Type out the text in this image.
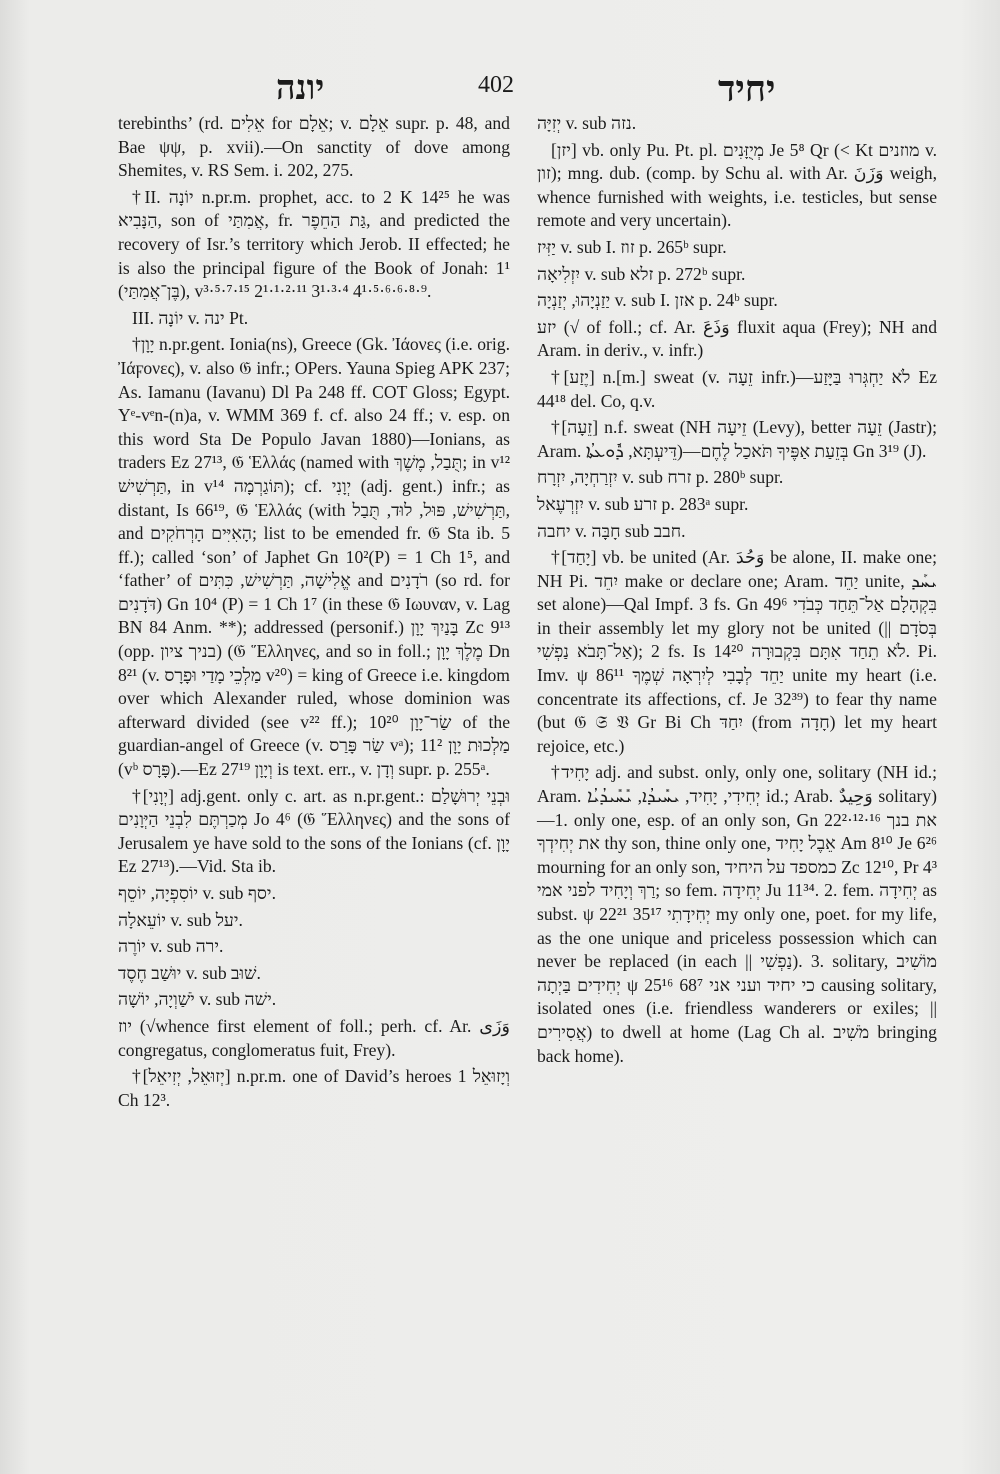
יונה	402	יחיד

terebinths’ (rd. אֵלִים for אֵלָם; v. אֵלָם supr. p. 48, and Bae ψψ, p. xvii).—On sanctity of dove among Shemites, v. RS Sem. i. 202, 275.

†II. יוֹנָה n.pr.m. prophet, acc. to 2 K 14²⁵ he was הַנָּבִיא, son of אֲמִתַּי, fr. גַּת הַחֵפֶר, and predicted the recovery of Isr.’s territory which Jerob. II effected; he is also the principal figure of the Book of Jonah: 1¹ (בֶּן־אֲמִתַּי), v³·⁵·⁷·¹⁵ 2¹·¹·²·¹¹ 3¹·³·⁴ 4¹·⁵·⁶·⁶·⁸·⁹.

III. יוֹנָה v. ינה Pt.

†יָוָן n.pr.gent. Ionia(ns), Greece (Gk. Ἰάονες (i.e. orig. Ἰάϝονες), v. also 𝔊 infr.; OPers. Yauna Spieg APK 237; As. Iamanu (Iavanu) Dl Pa 248 ff. COT Gloss; Egypt. Yᵉ-vᵉn-(n)a, v. WMM 369 f. cf. also 24 ff.; v. esp. on this word Sta De Populo Javan 1880)—Ionians, as traders Ez 27¹³, 𝔊 Ἑλλάς (named with תֻּבַל, מֶשֶׁךְ; in v¹² תַּרְשִׁישׁ, in v¹⁴ תּוֹגַרְמָה); cf. יְוָנִי (adj. gent.) infr.; as distant, Is 66¹⁹, 𝔊 Ἑλλάς (with תַּרְשִׁישׁ, פּוּל, לוּד, תֻּבַל, and הָאִיִּים הָרְחֹקִים; list to be emended fr. 𝔊 Sta ib. 5 ff.); called ‘son’ of Japhet Gn 10²(P) = 1 Ch 1⁵, and ‘father’ of אֱלִישָׁה, תַּרְשִׁישׁ, כִּתִּים and רֹדָנִים (so rd. for דֹּדָנִים) Gn 10⁴ (P) = 1 Ch 1⁷ (in these 𝔊 Ιωυναν, v. Lag BN 84 Anm. **); addressed (personif.) בָּנַיִךְ יָוָן Zc 9¹³ (opp. בניך ציון) (𝔊 Ἕλληνες, and so in foll.; מֶלֶךְ יָוָן Dn 8²¹ (v. מַלְכֵי מָדַי וּפָרָס v²⁰) = king of Greece i.e. kingdom over which Alexander ruled, whose dominion was afterward divided (see v²² ff.); שַׂר־יָוָן 10²⁰ of the guardian-angel of Greece (v. שַׂר פָּרַס vᵃ); מַלְכוּת יָוָן 11² (vᵇ פָּרָס).—Ez 27¹⁹ וְיָוָן is text. err., v. וְדָן supr. p. 255ᵃ.

†[יְוָנִי] adj.gent. only c. art. as n.pr.gent.: וּבְנֵי יְרוּשָׁלַם מְכַרְתֶּם לִבְנֵי הַיְּוָנִים Jo 4⁶ (𝔊 Ἕλληνες) and the sons of Jerusalem ye have sold to the sons of the Ionians (cf. יָוָן Ez 27¹³).—Vid. Sta ib.

יוֹסִפְיָה, יוֹסֵף v. sub יסף.

יוֹעֵאלָה v. sub יעל.

יוֹרֶה v. sub ירה.

יוּשַׁב חֶסֶד v. sub שׁוּב.

יֹשַׁוְיָה, יוֹשָׁה v. sub ישׁה.

יוז (√whence first element of foll.; perh. cf. Ar. وَزَى congregatus, conglomeratus fuit, Frey).

†[יְזוּאֵל, יְזִיאֵל] n.pr.m. one of David’s heroes וְיָזוּאֵל 1 Ch 12³.

יְזִיָּה v. sub נזה.

[יזן] vb. only Pu. Pt. pl. מְיֻזָּנִים Je 5⁸ Qr (< Kt מוזנים v. זון); mng. dub. (comp. by Schu al. with Ar. وَزَنَ weigh, whence furnished with weights, i.e. testicles, but sense remote and very uncertain).

יַזִּיז v. sub I. זוז p. 265ᵇ supr.

יִזְלִיאָה v. sub זלא p. 272ᵇ supr.

יַזַנְיָהוּ, יְזַנְיָה v. sub I. אזן p. 24ᵇ supr.

יזע (√ of foll.; cf. Ar. وَذَعَ fluxit aqua (Frey); NH and Aram. in deriv., v. infr.)

†[יֶזַע] n.[m.] sweat (v. זֵעָה infr.)—לֹא יַחְגְּרוּ בַּיָּזַע Ez 44¹⁸ del. Co, q.v.

†[זֵעָה] n.f. sweat (NH זֵיעָה (Levy), better זֵעָה (Jastr); Aram. דֵּיעְתָּא, ܕܽܘܥܬܳܐ)—בְּזֵעַת אַפֶּיךָ תֹּאכַל לֶחֶם Gn 3¹⁹ (J).

יִזְרַחְיָה, יִזְרָח v. sub זרח p. 280ᵇ supr.

יִזְרְעֶאל v. sub זרע p. 283ᵃ supr.

יחבה v. חָבָּה sub חבב.

†[יָחַד] vb. be united (Ar. وَحُدَ be alone, II. make one; NH Pi. יִחֵד make or declare one; Aram. יַחֵד unite, ܝܚܰܕ set alone)—Qal Impf. 3 fs. Gn 49⁶ בִּקְהָלָם אַל־תֵּחַד כְּבֹדִי in their assembly let my glory not be united (|| בְּסֹדָם אַל־תָּבֹא נַפְשִׁי); 2 fs. Is 14²⁰ לֹא תֵחַד אִתָּם בִּקְבוּרָה. Pi. Imv. ψ 86¹¹ יַחֵד לְבָבִי לְיִרְאָה שְׁמֶךָ unite my heart (i.e. concentrate its affections, cf. Je 32³⁹) to fear thy name (but 𝔊 𝔖 𝔙 Gr Bi Ch יִחַדּ (from חָדָה) let my heart rejoice, etc.)

†יָחִיד adj. and subst. only, only one, solitary (NH id.; Aram. יְחִידִי, יָחִיד, ܝܚܺܝܕܳܐ, ܝܺܚܺܝܕܳܝܳܐ id.; Arab. وَحِيدٌ solitary)—1. only one, esp. of an only son, Gn 22²·¹²·¹⁶ את בנך את יְחִידְךָ thy son, thine only one, אֵבֶל יָחִיד Am 8¹⁰ Je 6²⁶ mourning for an only son, כמספד על היחיד Zc 12¹⁰, Pr 4³ רַךְ וְיָחִיד לפני אמי; so fem. יְחִידָה Ju 11³⁴. 2. fem. יְחִידָה as subst. ψ 22²¹ 35¹⁷ יְחִידָתִי my only one, poet. for my life, as the one unique and priceless possession which can never be replaced (in each || נַפְשִׁי). 3. solitary, מוֹשִׁיב יְחִידִים בַּיְתָה ψ 25¹⁶ 68⁷ כי יחיד ועני אני causing solitary, isolated ones (i.e. friendless wanderers or exiles; || אֲסִירִים) to dwell at home (Lag Ch al. מֹשִׁיב bringing back home).
